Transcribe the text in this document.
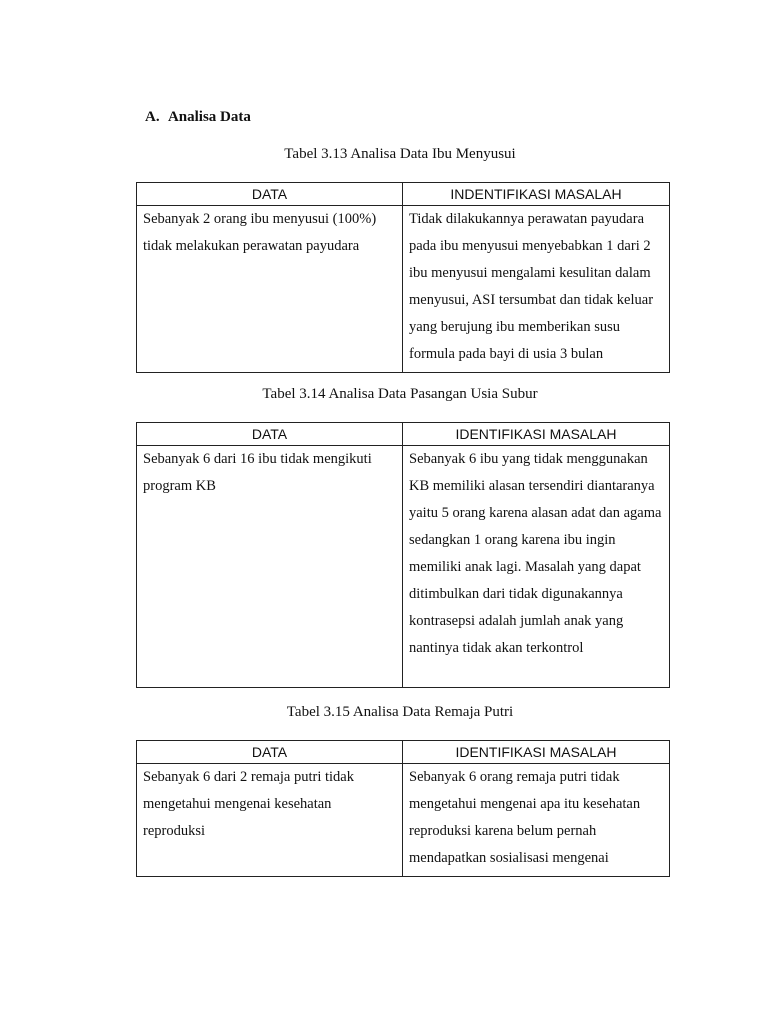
A. Analisa Data

Tabel 3.13 Analisa Data Ibu Menyusui

DATA	INDENTIFIKASI MASALAH
Sebanyak 2 orang ibu menyusui (100%) tidak melakukan perawatan payudara	Tidak dilakukannya perawatan payudara pada ibu menyusui menyebabkan 1 dari 2 ibu menyusui mengalami kesulitan dalam menyusui, ASI tersumbat dan tidak keluar yang berujung ibu memberikan susu formula pada bayi di usia 3 bulan

Tabel 3.14 Analisa Data Pasangan Usia Subur

DATA	IDENTIFIKASI MASALAH
Sebanyak 6 dari 16 ibu tidak mengikuti program KB	Sebanyak 6 ibu yang tidak menggunakan KB memiliki alasan tersendiri diantaranya yaitu 5 orang karena alasan adat dan agama sedangkan 1 orang karena ibu ingin memiliki anak lagi. Masalah yang dapat ditimbulkan dari tidak digunakannya kontrasepsi adalah jumlah anak yang nantinya tidak akan terkontrol

Tabel 3.15 Analisa Data Remaja Putri

DATA	IDENTIFIKASI MASALAH
Sebanyak 6 dari 2 remaja putri tidak mengetahui mengenai kesehatan reproduksi	Sebanyak 6 orang remaja putri tidak mengetahui mengenai apa itu kesehatan reproduksi karena belum pernah mendapatkan sosialisasi mengenai
